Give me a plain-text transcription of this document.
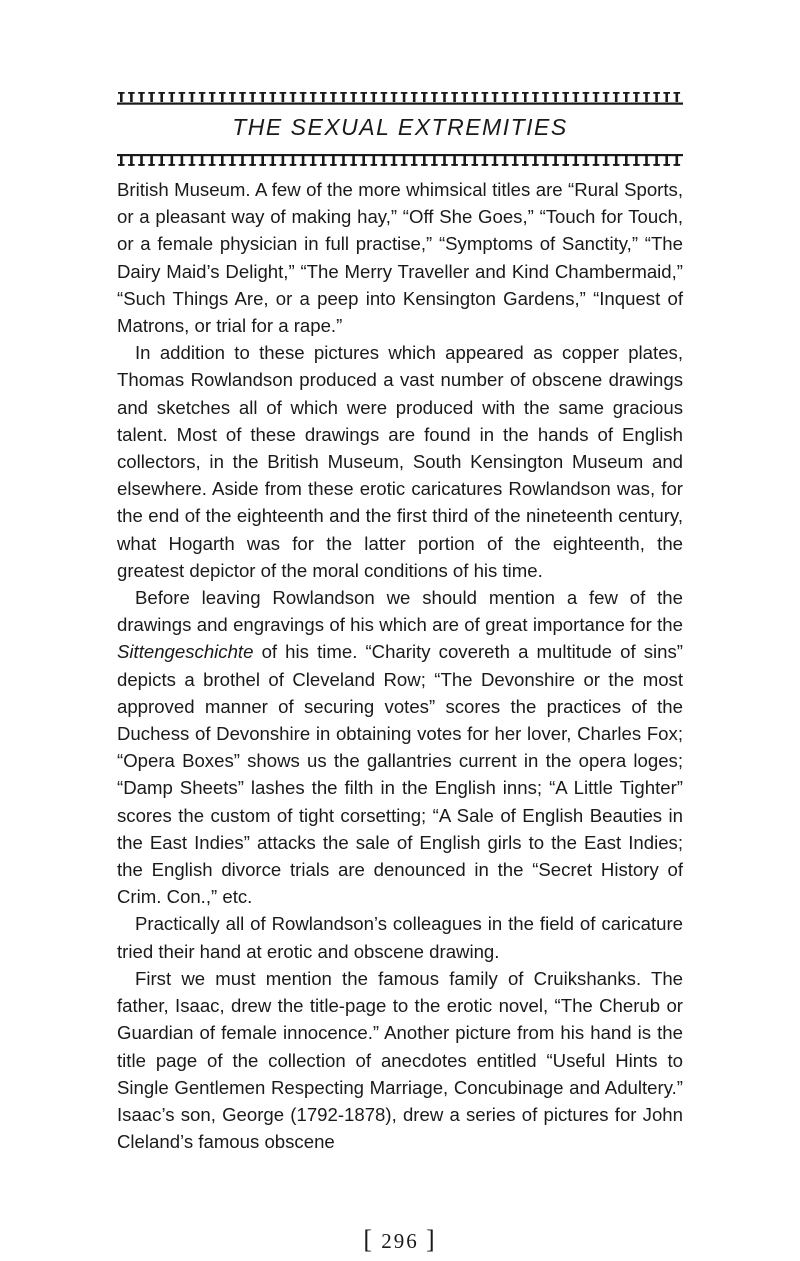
THE SEXUAL EXTREMITIES

British Museum. A few of the more whimsical titles are “Rural Sports, or a pleasant way of making hay,” “Off She Goes,” “Touch for Touch, or a female physician in full practise,” “Symptoms of Sanctity,” “The Dairy Maid’s Delight,” “The Merry Traveller and Kind Chambermaid,” “Such Things Are, or a peep into Kensington Gardens,” “Inquest of Matrons, or trial for a rape.”

In addition to these pictures which appeared as copper plates, Thomas Rowlandson produced a vast number of obscene drawings and sketches all of which were produced with the same gracious talent. Most of these drawings are found in the hands of English collectors, in the British Museum, South Kensington Museum and elsewhere. Aside from these erotic caricatures Rowlandson was, for the end of the eighteenth and the first third of the nineteenth century, what Hogarth was for the latter portion of the eighteenth, the greatest depictor of the moral conditions of his time.

Before leaving Rowlandson we should mention a few of the drawings and engravings of his which are of great importance for the Sittengeschichte of his time. “Charity covereth a multitude of sins” depicts a brothel of Cleveland Row; “The Devonshire or the most approved manner of securing votes” scores the practices of the Duchess of Devonshire in obtaining votes for her lover, Charles Fox; “Opera Boxes” shows us the gallantries current in the opera loges; “Damp Sheets” lashes the filth in the English inns; “A Little Tighter” scores the custom of tight corsetting; “A Sale of English Beauties in the East Indies” attacks the sale of English girls to the East Indies; the English divorce trials are denounced in the “Secret History of Crim. Con.,” etc.

Practically all of Rowlandson’s colleagues in the field of caricature tried their hand at erotic and obscene drawing.

First we must mention the famous family of Cruikshanks. The father, Isaac, drew the title-page to the erotic novel, “The Cherub or Guardian of female innocence.” Another picture from his hand is the title page of the collection of anecdotes entitled “Useful Hints to Single Gentlemen Respecting Marriage, Concubinage and Adultery.” Isaac’s son, George (1792-1878), drew a series of pictures for John Cleland’s famous obscene

[ 296 ]
